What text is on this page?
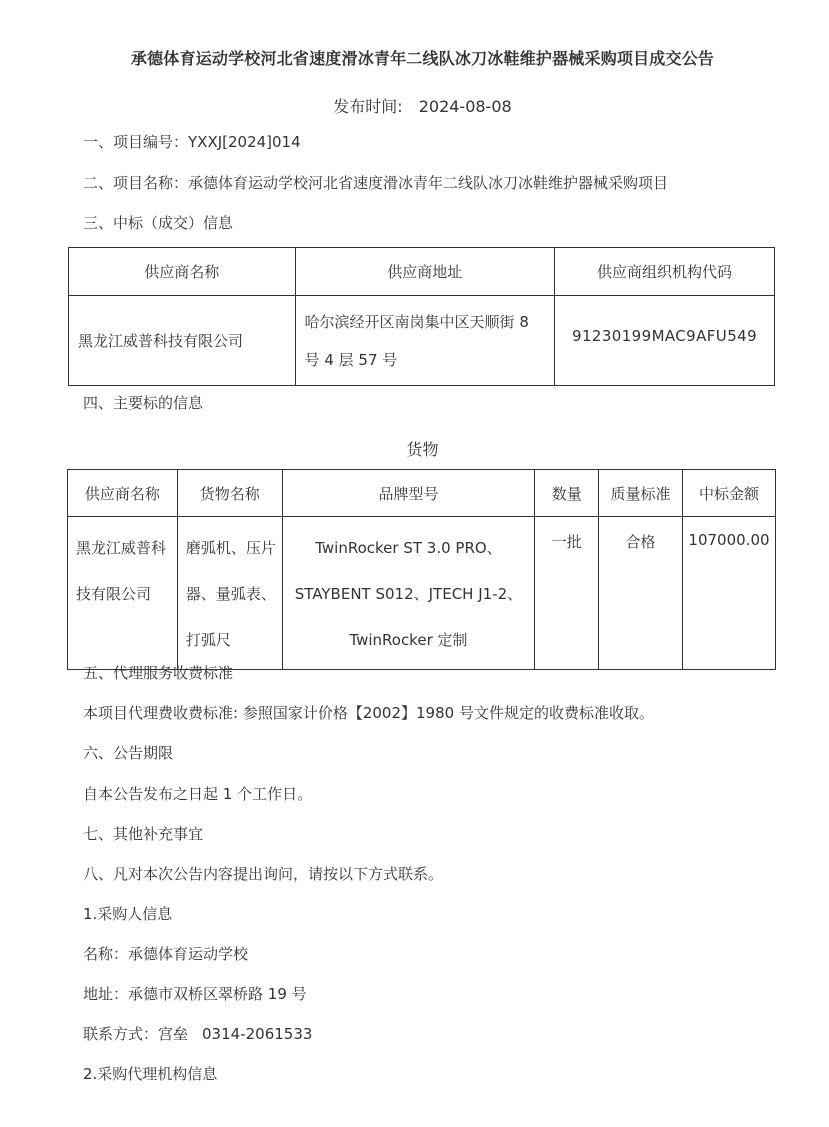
承德体育运动学校河北省速度滑冰青年二线队冰刀冰鞋维护器械采购项目成交公告
发布时间: 2024-08-08
一、项目编号：YXXJ[2024]014
二、项目名称：承德体育运动学校河北省速度滑冰青年二线队冰刀冰鞋维护器械采购项目
三、中标（成交）信息
供应商名称	供应商地址	供应商组织机构代码
黑龙江威普科技有限公司	哈尔滨经开区南岗集中区天顺街 8 号 4 层 57 号	91230199MAC9AFU549
四、主要标的信息
货物
供应商名称	货物名称	品牌型号	数量	质量标准	中标金额
黑龙江威普科技有限公司	磨弧机、压片器、量弧表、打弧尺	TwinRocker ST 3.0 PRO、
STAYBENT S012、JTECH J1-2、
TwinRocker 定制	一批	合格	107000.00
五、代理服务收费标准
本项目代理费收费标准: 参照国家计价格【2002】1980 号文件规定的收费标准收取。
六、公告期限
自本公告发布之日起 1 个工作日。
七、其他补充事宜
八、凡对本次公告内容提出询问，请按以下方式联系。
1.采购人信息
名称：承德体育运动学校
地址：承德市双桥区翠桥路 19 号
联系方式：宫垒 0314-2061533
2.采购代理机构信息
